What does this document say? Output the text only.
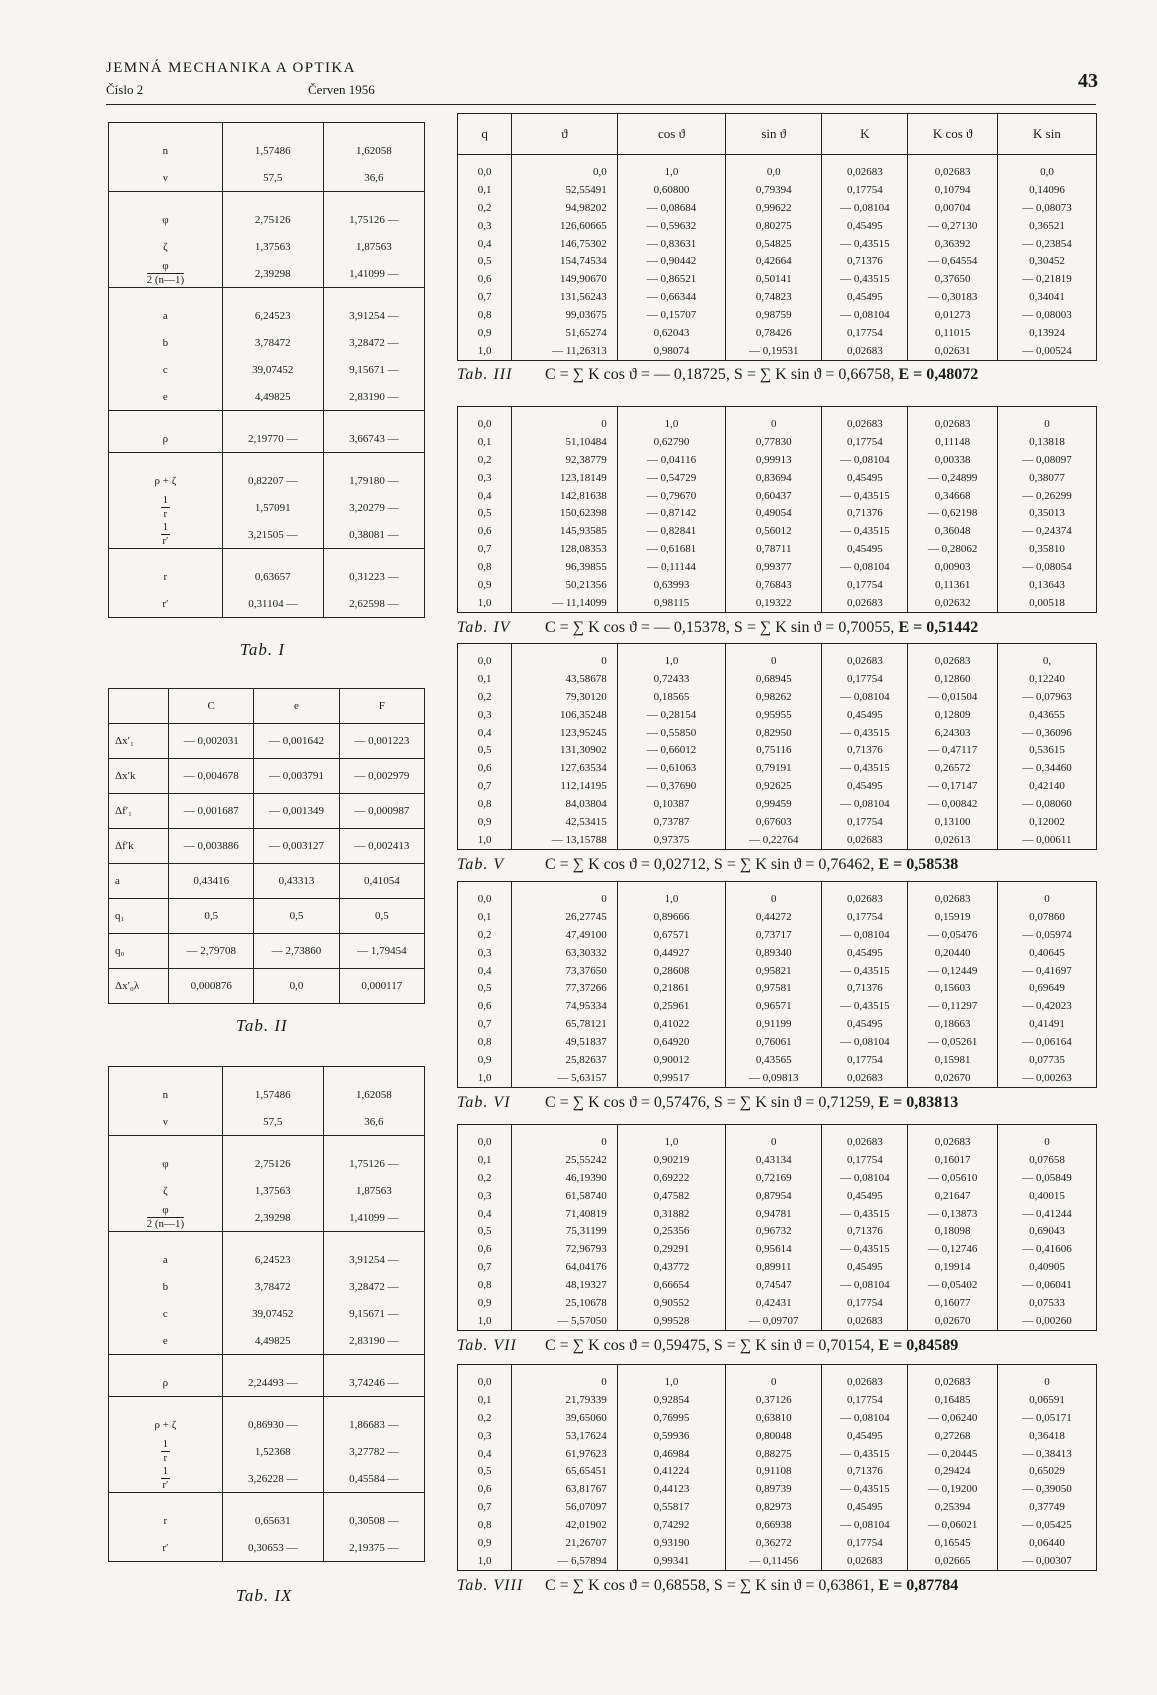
JEMNÁ MECHANIKA A OPTIKA
Číslo 2	Červen 1956	43

n	1,57486	1,62058
ν	57,5	36,6

φ	2,75126	1,75126 —
ζ	1,37563	1,87563

$\frac{\varphi}{2 (n—1)}$	2,39298	1,41099 —

a	6,24523	3,91254 —
b	3,78472	3,28472 —
c	39,07452	9,15671 —
e	4,49825	2,83190 —

ρ	2,19770 —	3,66743 —

ρ + ζ	0,82207 —	1,79180 —

$\frac{1}{r}$	1,57091	3,20279 —

$\frac{1}{r'}$	3,21505 —	0,38081 —

r	0,63657	0,31223 —
r′	0,31104 —	2,62598 —
Tab. I
	C	e	F
Δx′₁	— 0,002031	— 0,001642	— 0,001223
Δx′k	— 0,004678	— 0,003791	— 0,002979
Δf′₁	— 0,001687	— 0,001349	— 0,000987
Δf′k	— 0,003886	— 0,003127	— 0,002413
a	0,43416	0,43313	0,41054
q₁	0,5	0,5	0,5
q₀	— 2,79708	— 2,73860	— 1,79454
Δx′₀λ	0,000876	0,0	0,000117
Tab. II

n	1,57486	1,62058
ν	57,5	36,6

φ	2,75126	1,75126 —
ζ	1,37563	1,87563

$\frac{\varphi}{2 (n—1)}$	2,39298	1,41099 —

a	6,24523	3,91254 —
b	3,78472	3,28472 —
c	39,07452	9,15671 —
e	4,49825	2,83190 —

ρ	2,24493 —	3,74246 —

ρ + ζ	0,86930 —	1,86683 —

$\frac{1}{r}$	1,52368	3,27782 —

$\frac{1}{r'}$	3,26228 —	0,45584 —

r	0,65631	0,30508 —
r′	0,30653 —	2,19375 —
Tab. IX
q	ϑ	cos ϑ	sin ϑ	K	K cos ϑ	K sin
0,0	0,0	1,0	0,0	0,02683	0,02683	0,0
0,1	52,55491	0,60800	0,79394	0,17754	0,10794	0,14096
0,2	94,98202	— 0,08684	0,99622	— 0,08104	0,00704	— 0,08073
0,3	126,60665	— 0,59632	0,80275	0,45495	— 0,27130	0,36521
0,4	146,75302	— 0,83631	0,54825	— 0,43515	0,36392	— 0,23854
0,5	154,74534	— 0,90442	0,42664	0,71376	— 0,64554	0,30452
0,6	149,90670	— 0,86521	0,50141	— 0,43515	0,37650	— 0,21819
0,7	131,56243	— 0,66344	0,74823	0,45495	— 0,30183	0,34041
0,8	99,03675	— 0,15707	0,98759	— 0,08104	0,01273	— 0,08003
0,9	51,65274	0,62043	0,78426	0,17754	0,11015	0,13924
1,0	— 11,26313	0,98074	— 0,19531	0,02683	0,02631	— 0,00524
Tab. III C = ∑ K cos ϑ = — 0,18725, S = ∑ K sin ϑ = 0,66758, E = 0,48072
0,0	0	1,0	0	0,02683	0,02683	0
0,1	51,10484	0,62790	0,77830	0,17754	0,11148	0,13818
0,2	92,38779	— 0,04116	0,99913	— 0,08104	0,00338	— 0,08097
0,3	123,18149	— 0,54729	0,83694	0,45495	— 0,24899	0,38077
0,4	142,81638	— 0,79670	0,60437	— 0,43515	0,34668	— 0,26299
0,5	150,62398	— 0,87142	0,49054	0,71376	— 0,62198	0,35013
0,6	145,93585	— 0,82841	0,56012	— 0,43515	0,36048	— 0,24374
0,7	128,08353	— 0,61681	0,78711	0,45495	— 0,28062	0,35810
0,8	96,39855	— 0,11144	0,99377	— 0,08104	0,00903	— 0,08054
0,9	50,21356	0,63993	0,76843	0,17754	0,11361	0,13643
1,0	— 11,14099	0,98115	0,19322	0,02683	0,02632	0,00518
Tab. IV C = ∑ K cos ϑ = — 0,15378, S = ∑ K sin ϑ = 0,70055, E = 0,51442
0,0	0	1,0	0	0,02683	0,02683	0,
0,1	43,58678	0,72433	0,68945	0,17754	0,12860	0,12240
0,2	79,30120	0,18565	0,98262	— 0,08104	— 0,01504	— 0,07963
0,3	106,35248	— 0,28154	0,95955	0,45495	0,12809	0,43655
0,4	123,95245	— 0,55850	0,82950	— 0,43515	6,24303	— 0,36096
0,5	131,30902	— 0,66012	0,75116	0,71376	— 0,47117	0,53615
0,6	127,63534	— 0,61063	0,79191	— 0,43515	0,26572	— 0,34460
0,7	112,14195	— 0,37690	0,92625	0,45495	— 0,17147	0,42140
0,8	84,03804	0,10387	0,99459	— 0,08104	— 0,00842	— 0,08060
0,9	42,53415	0,73787	0,67603	0,17754	0,13100	0,12002
1,0	— 13,15788	0,97375	— 0,22764	0,02683	0,02613	— 0,00611
Tab. V	C = ∑ K cos ϑ = 0,02712, S = ∑ K sin ϑ = 0,76462, E = 0,58538
0,0	0	1,0	0	0,02683	0,02683	0
0,1	26,27745	0,89666	0,44272	0,17754	0,15919	0,07860
0,2	47,49100	0,67571	0,73717	— 0,08104	— 0,05476	— 0,05974
0,3	63,30332	0,44927	0,89340	0,45495	0,20440	0,40645
0,4	73,37650	0,28608	0,95821	— 0,43515	— 0,12449	— 0,41697
0,5	77,37266	0,21861	0,97581	0,71376	0,15603	0,69649
0,6	74,95334	0,25961	0,96571	— 0,43515	— 0,11297	— 0,42023
0,7	65,78121	0,41022	0,91199	0,45495	0,18663	0,41491
0,8	49,51837	0,64920	0,76061	— 0,08104	— 0,05261	— 0,06164
0,9	25,82637	0,90012	0,43565	0,17754	0,15981	0,07735
1,0	— 5,63157	0,99517	— 0,09813	0,02683	0,02670	— 0,00263
Tab. VI C = ∑ K cos ϑ = 0,57476, S = ∑ K sin ϑ = 0,71259, E = 0,83813
0,0	0	1,0	0	0,02683	0,02683	0
0,1	25,55242	0,90219	0,43134	0,17754	0,16017	0,07658
0,2	46,19390	0,69222	0,72169	— 0,08104	— 0,05610	— 0,05849
0,3	61,58740	0,47582	0,87954	0,45495	0,21647	0,40015
0,4	71,40819	0,31882	0,94781	— 0,43515	— 0,13873	— 0,41244
0,5	75,31199	0,25356	0,96732	0,71376	0,18098	0,69043
0,6	72,96793	0,29291	0,95614	— 0,43515	— 0,12746	— 0,41606
0,7	64,04176	0,43772	0,89911	0,45495	0,19914	0,40905
0,8	48,19327	0,66654	0,74547	— 0,08104	— 0,05402	— 0,06041
0,9	25,10678	0,90552	0,42431	0,17754	0,16077	0,07533
1,0	— 5,57050	0,99528	— 0,09707	0,02683	0,02670	— 0,00260
Tab. VII C = ∑ K cos ϑ = 0,59475, S = ∑ K sin ϑ = 0,70154, E = 0,84589
0,0	0	1,0	0	0,02683	0,02683	0
0,1	21,79339	0,92854	0,37126	0,17754	0,16485	0,06591
0,2	39,65060	0,76995	0,63810	— 0,08104	— 0,06240	— 0,05171
0,3	53,17624	0,59936	0,80048	0,45495	0,27268	0,36418
0,4	61,97623	0,46984	0,88275	— 0,43515	— 0,20445	— 0,38413
0,5	65,65451	0,41224	0,91108	0,71376	0,29424	0,65029
0,6	63,81767	0,44123	0,89739	— 0,43515	— 0,19200	— 0,39050
0,7	56,07097	0,55817	0,82973	0,45495	0,25394	0,37749
0,8	42,01902	0,74292	0,66938	— 0,08104	— 0,06021	— 0,05425
0,9	21,26707	0,93190	0,36272	0,17754	0,16545	0,06440
1,0	— 6,57894	0,99341	— 0,11456	0,02683	0,02665	— 0,00307
Tab. VIII C = ∑ K cos ϑ = 0,68558, S = ∑ K sin ϑ = 0,63861, E = 0,87784
